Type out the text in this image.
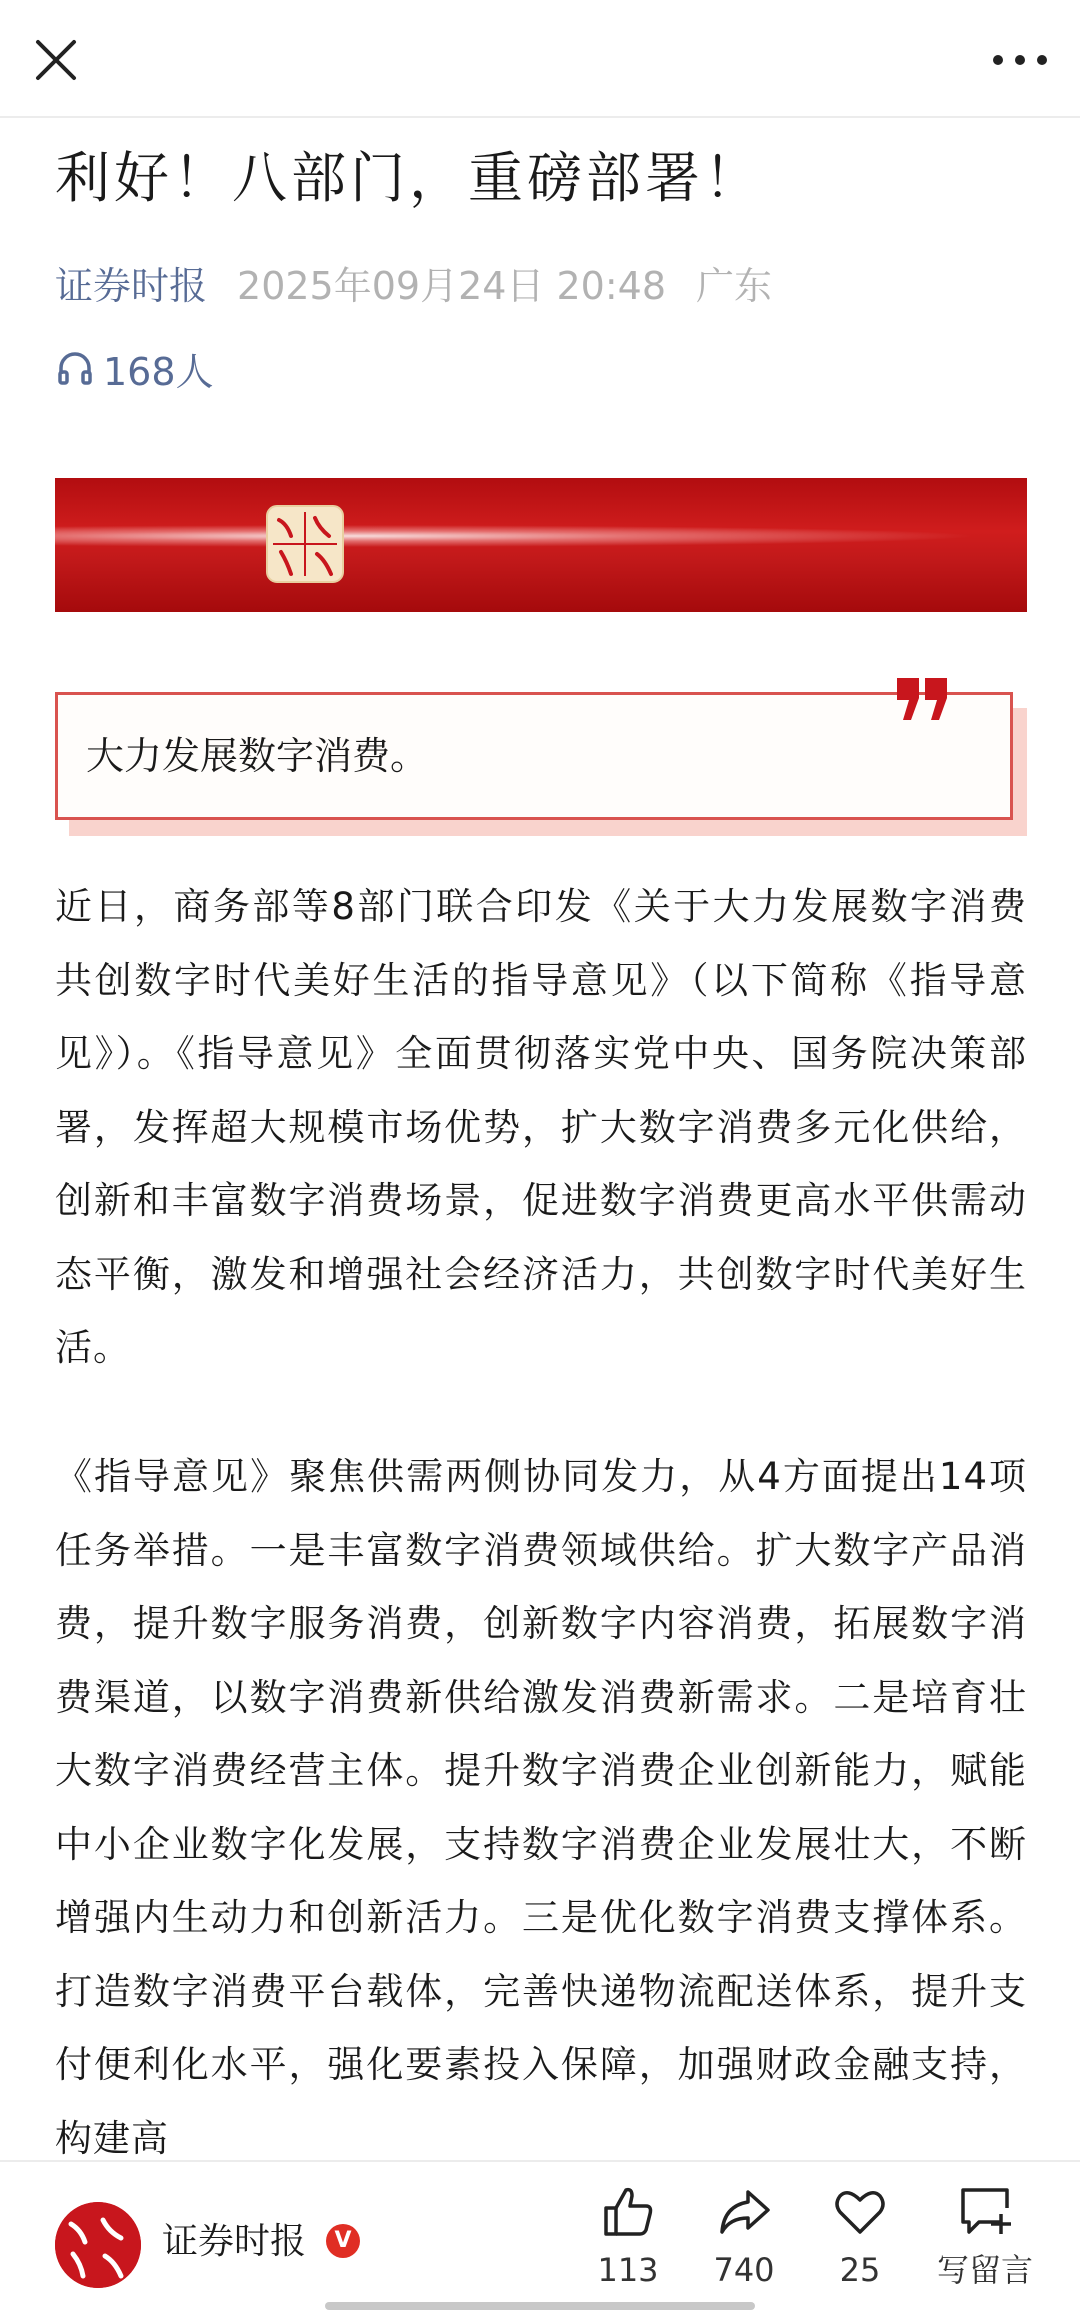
利好！八部门，重磅部署！
证券时报 2025年09月24日 20:48 广东
168人
大力发展数字消费。
近日，商务部等8部门联合印发《关于大力发展数字消费共创数字时代美好生活的指导意见》（以下简称《指导意见》）。《指导意见》全面贯彻落实党中央、国务院决策部署，发挥超大规模市场优势，扩大数字消费多元化供给，创新和丰富数字消费场景，促进数字消费更高水平供需动态平衡，激发和增强社会经济活力，共创数字时代美好生活。
《指导意见》聚焦供需两侧协同发力，从4方面提出14项任务举措。一是丰富数字消费领域供给。扩大数字产品消费，提升数字服务消费，创新数字内容消费，拓展数字消费渠道，以数字消费新供给激发消费新需求。二是培育壮大数字消费经营主体。提升数字消费企业创新能力，赋能中小企业数字化发展，支持数字消费企业发展壮大，不断增强内生动力和创新活力。三是优化数字消费支撑体系。打造数字消费平台载体，完善快递物流配送体系，提升支付便利化水平，强化要素投入保障，加强财政金融支持，构建高
证券时报	V
113	740	25	写留言
